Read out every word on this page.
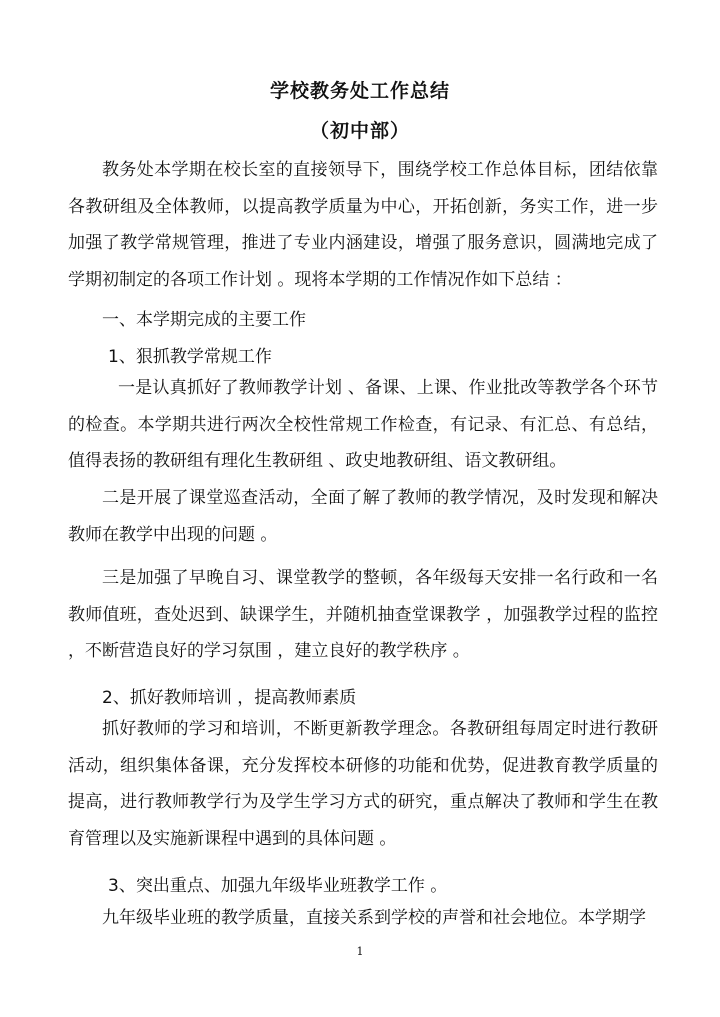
学校教务处工作总结
（初中部）

教务处本学期在校长室的直接领导下，围绕学校工作总体目标，团结依靠各教研组及全体教师，以提高教学质量为中心，开拓创新，务实工作，进一步加强了教学常规管理，推进了专业内涵建设，增强了服务意识，圆满地完成了学期初制定的各项工作计划 。现将本学期的工作情况作如下总结 ：

一、本学期完成的主要工作

1、狠抓教学常规工作

一是认真抓好了教师教学计划 、备课、上课、作业批改等教学各个环节的检查。本学期共进行两次全校性常规工作检查，有记录、有汇总、有总结，值得表扬的教研组有理化生教研组 、政史地教研组、语文教研组。

二是开展了课堂巡查活动，全面了解了教师的教学情况，及时发现和解决教师在教学中出现的问题 。

三是加强了早晚自习、课堂教学的整顿，各年级每天安排一名行政和一名教师值班，查处迟到、缺课学生，并随机抽查堂课教学 ，加强教学过程的监控 ，不断营造良好的学习氛围 ，建立良好的教学秩序 。

2、抓好教师培训 ，提高教师素质

抓好教师的学习和培训，不断更新教学理念。各教研组每周定时进行教研活动，组织集体备课，充分发挥校本研修的功能和优势，促进教育教学质量的提高，进行教师教学行为及学生学习方式的研究，重点解决了教师和学生在教育管理以及实施新课程中遇到的具体问题 。

3、突出重点、加强九年级毕业班教学工作 。

九年级毕业班的教学质量，直接关系到学校的声誉和社会地位。本学期学

1
